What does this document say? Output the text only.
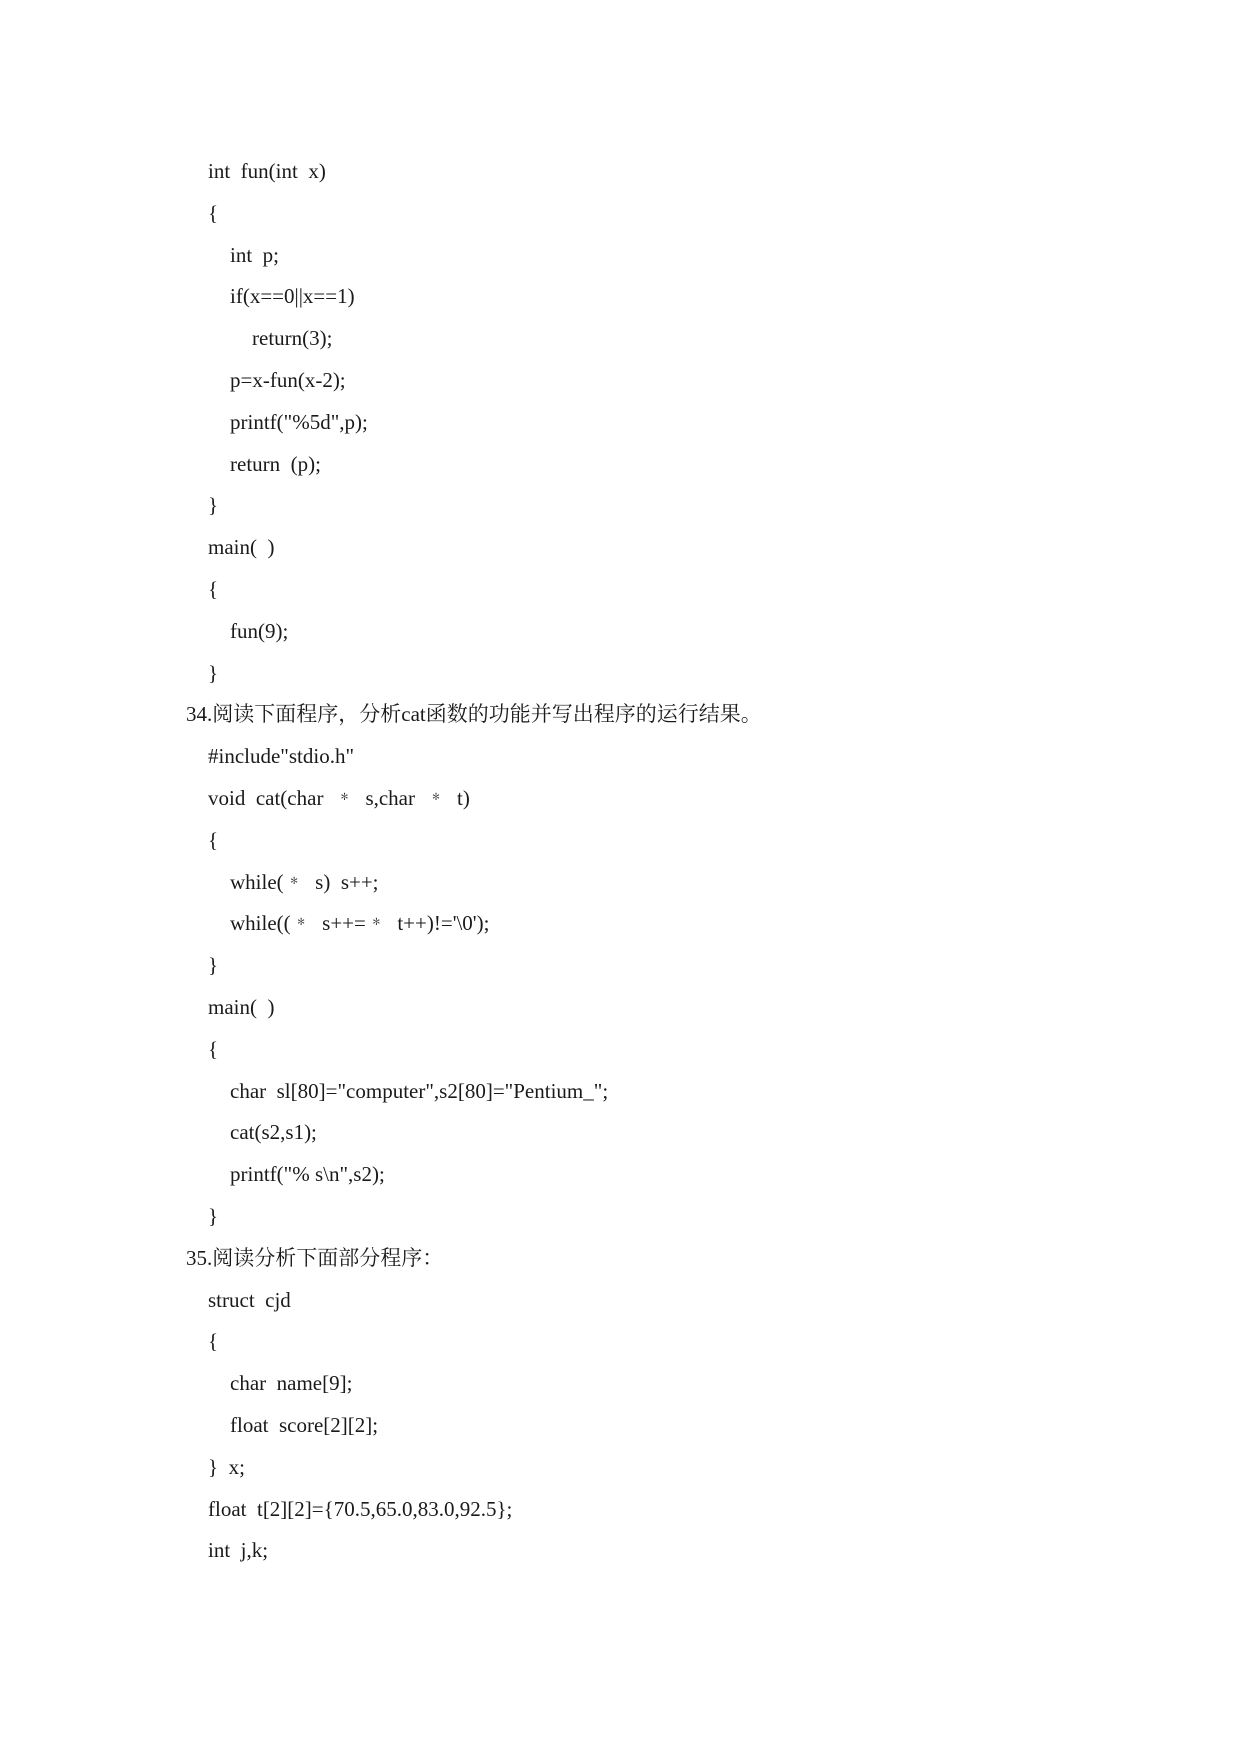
int  fun(int  x)
{
int  p;
if(x==0||x==1)
return(3);
p=x-fun(x-2);
printf("%5d",p);
return  (p);
}
main(  )
{
fun(9);
}
34.阅读下面程序，分析cat函数的功能并写出程序的运行结果。
#include"stdio.h"
void  cat(char  ﹡  s,char  ﹡  t)
{
while(﹡  s)  s++;
while((﹡  s++=﹡  t++)!='\0');
}
main(  )
{
char  sl[80]="computer",s2[80]="Pentium_";
cat(s2,s1);
printf("% s\n",s2);
}
35.阅读分析下面部分程序：
struct  cjd
{
char  name[9];
float  score[2][2];
}  x;
float  t[2][2]={70.5,65.0,83.0,92.5};
int  j,k;
